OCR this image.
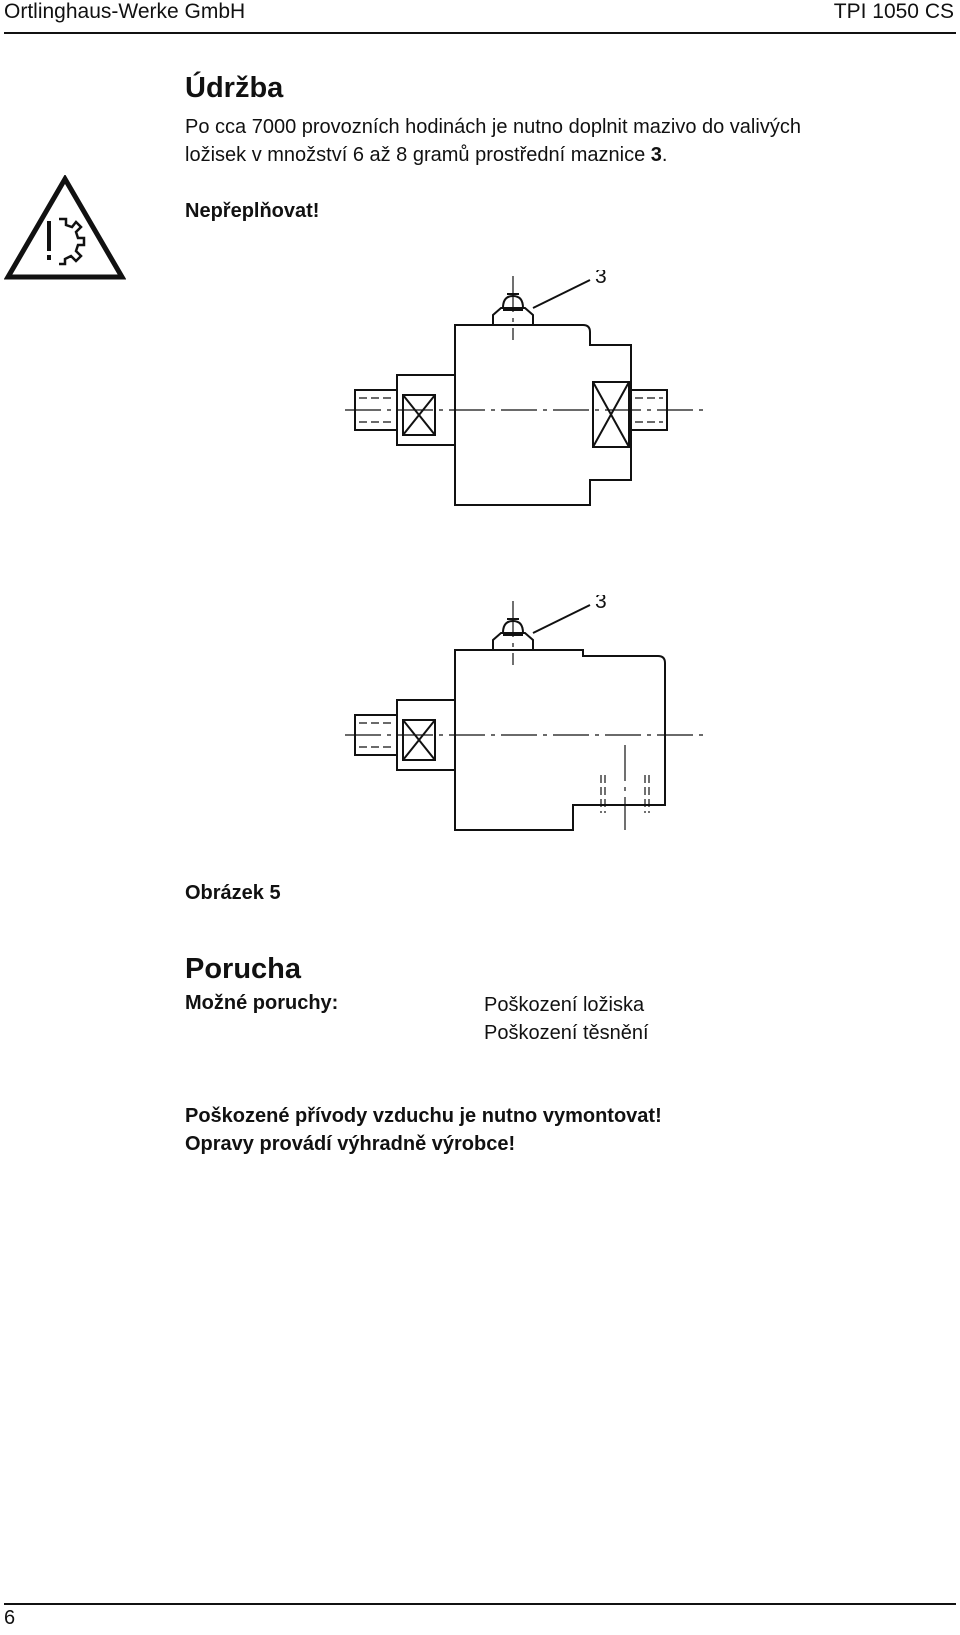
Ortlinghaus-Werke GmbH	TPI 1050 CS
Údržba
Po cca 7000 provozních hodinách je nutno doplnit mazivo do valivých
ložisek v množství 6 až 8 gramů prostřední maznice 3.
Nepřeplňovat!
3
3
Obrázek 5
Porucha
Možné poruchy:	Poškození ložiska
Poškození těsnění
Poškozené přívody vzduchu je nutno vymontovat!
Opravy provádí výhradně výrobce!
6
